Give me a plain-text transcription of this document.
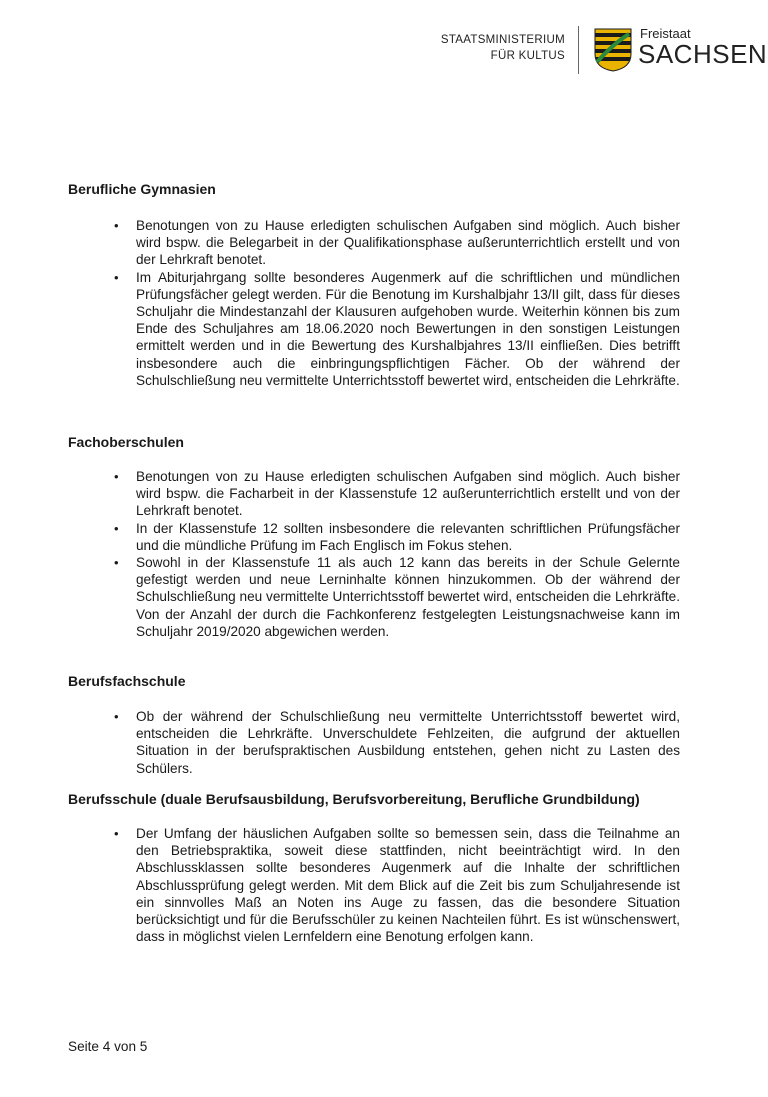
STAATSMINISTERIUM
FÜR KULTUS
Freistaat
SACHSEN
Berufliche Gymnasien
• Benotungen von zu Hause erledigten schulischen Aufgaben sind möglich. Auch bisher wird bspw. die Belegarbeit in der Qualifikationsphase außerunterrichtlich erstellt und von der Lehrkraft benotet.
• Im Abiturjahrgang sollte besonderes Augenmerk auf die schriftlichen und mündlichen Prüfungsfächer gelegt werden. Für die Benotung im Kurshalbjahr 13/II gilt, dass für dieses Schuljahr die Mindestanzahl der Klausuren aufgehoben wurde. Weiterhin können bis zum Ende des Schuljahres am 18.06.2020 noch Bewertungen in den sonstigen Leistungen ermittelt werden und in die Bewertung des Kurshalbjahres 13/II einfließen. Dies betrifft insbesondere auch die einbringungspflichtigen Fächer. Ob der während der Schulschließung neu vermittelte Unterrichtsstoff bewertet wird, entscheiden die Lehrkräfte.
Fachoberschulen
• Benotungen von zu Hause erledigten schulischen Aufgaben sind möglich. Auch bisher wird bspw. die Facharbeit in der Klassenstufe 12 außerunterrichtlich erstellt und von der Lehrkraft benotet.
• In der Klassenstufe 12 sollten insbesondere die relevanten schriftlichen Prüfungsfächer und die mündliche Prüfung im Fach Englisch im Fokus stehen.
• Sowohl in der Klassenstufe 11 als auch 12 kann das bereits in der Schule Gelernte gefestigt werden und neue Lerninhalte können hinzukommen. Ob der während der Schulschließung neu vermittelte Unterrichtsstoff bewertet wird, entscheiden die Lehrkräfte. Von der Anzahl der durch die Fachkonferenz festgelegten Leistungsnachweise kann im Schuljahr 2019/2020 abgewichen werden.
Berufsfachschule
• Ob der während der Schulschließung neu vermittelte Unterrichtsstoff bewertet wird, entscheiden die Lehrkräfte. Unverschuldete Fehlzeiten, die aufgrund der aktuellen Situation in der berufspraktischen Ausbildung entstehen, gehen nicht zu Lasten des Schülers.
Berufsschule (duale Berufsausbildung, Berufsvorbereitung, Berufliche Grundbildung)
• Der Umfang der häuslichen Aufgaben sollte so bemessen sein, dass die Teilnahme an den Betriebspraktika, soweit diese stattfinden, nicht beeinträchtigt wird. In den Abschlussklassen sollte besonderes Augenmerk auf die Inhalte der schriftlichen Abschlussprüfung gelegt werden. Mit dem Blick auf die Zeit bis zum Schuljahresende ist ein sinnvolles Maß an Noten ins Auge zu fassen, das die besondere Situation berücksichtigt und für die Berufsschüler zu keinen Nachteilen führt. Es ist wünschenswert, dass in möglichst vielen Lernfeldern eine Benotung erfolgen kann.
Seite 4 von 5
